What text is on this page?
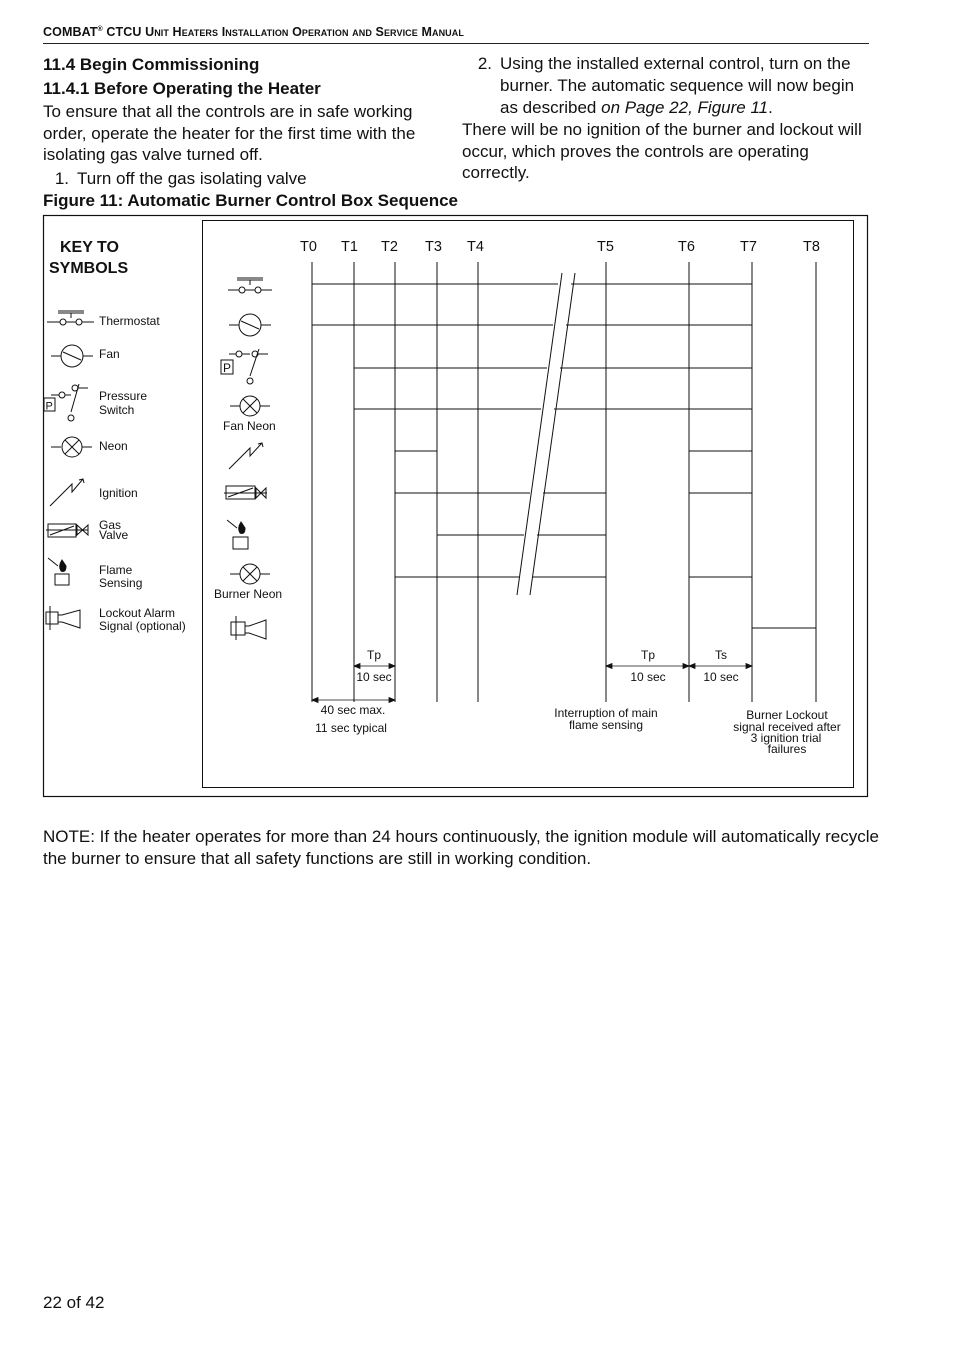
COMBAT® CTCU Unit Heaters Installation Operation and Service Manual

11.4 Begin Commissioning

11.4.1 Before Operating the Heater

To ensure that all the controls are in safe working order, operate the heater for the first time with the isolating gas valve turned off.

1. Turn off the gas isolating valve
2. Using the installed external control, turn on the burner. The automatic sequence will now begin as described on Page 22, Figure 11.

There will be no ignition of the burner and lockout will occur, which proves the controls are operating correctly.

Figure 11: Automatic Burner Control Box Sequence
KEY TO
SYMBOLS
Thermostat
Fan
P
Pressure
Switch
Neon
Ignition
Gas
Valve
Flame
Sensing
Lockout Alarm
Signal (optional)
P
Fan Neon
Burner Neon
T0 T1 T2 T3 T4	T5	T6	T7	T8
Tp
10 sec
40 sec max.
11 sec typical
Tp
10 sec
Ts
10 sec
Interruption of main
flame sensing
Burner Lockout
signal received after
3 ignition trial
failures
NOTE: If the heater operates for more than 24 hours continuously, the ignition module will automatically recycle the burner to ensure that all safety functions are still in working condition.
22 of 42
